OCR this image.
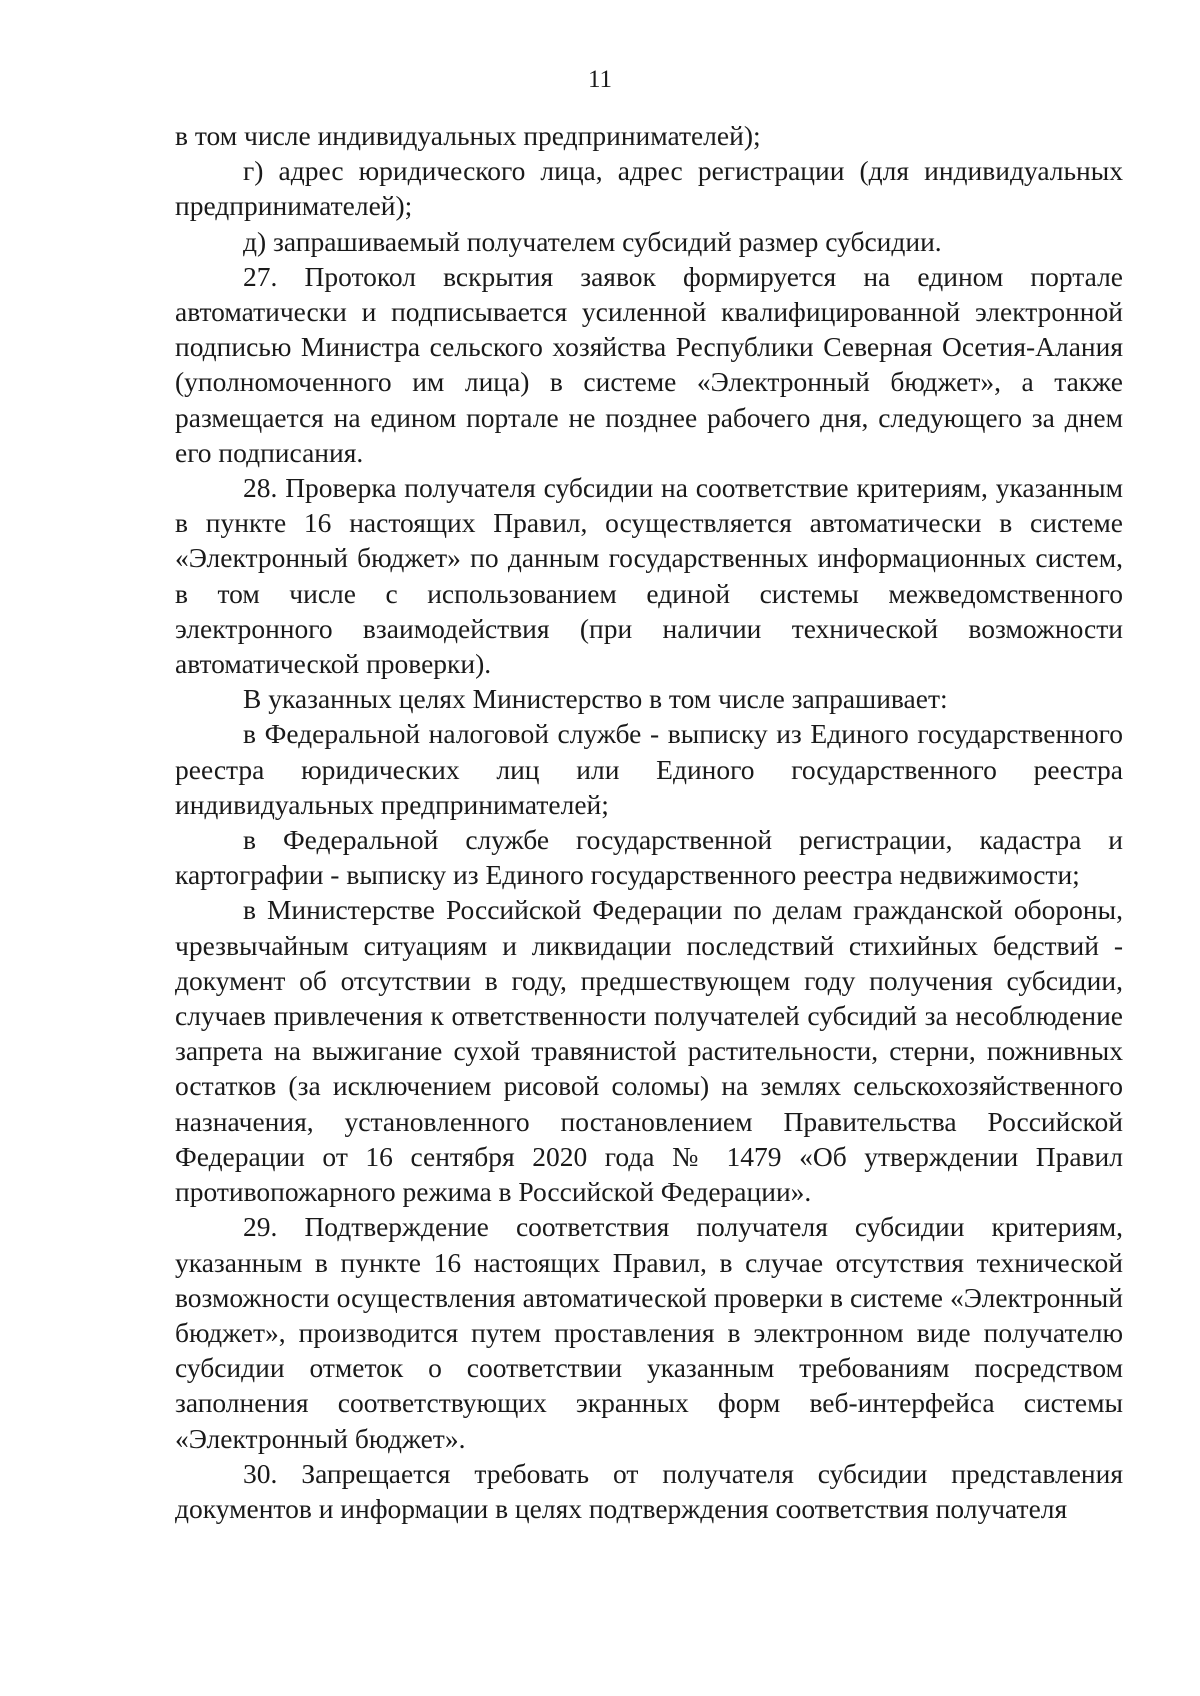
11

в том числе индивидуальных предпринимателей);

г) адрес юридического лица, адрес регистрации (для индивидуальных предпринимателей);

д) запрашиваемый получателем субсидий размер субсидии.

27. Протокол вскрытия заявок формируется на едином портале автоматически и подписывается усиленной квалифицированной электронной подписью Министра сельского хозяйства Республики Северная Осетия-Алания (уполномоченного им лица) в системе «Электронный бюджет», а также размещается на едином портале не позднее рабочего дня, следующего за днем его подписания.

28. Проверка получателя субсидии на соответствие критериям, указанным в пункте 16 настоящих Правил, осуществляется автоматически в системе «Электронный бюджет» по данным государственных информационных систем, в том числе с использованием единой системы межведомственного электронного взаимодействия (при наличии технической возможности автоматической проверки).

В указанных целях Министерство в том числе запрашивает:

в Федеральной налоговой службе - выписку из Единого государственного реестра юридических лиц или Единого государственного реестра индивидуальных предпринимателей;

в Федеральной службе государственной регистрации, кадастра и картографии - выписку из Единого государственного реестра недвижимости;

в Министерстве Российской Федерации по делам гражданской обороны, чрезвычайным ситуациям и ликвидации последствий стихийных бедствий - документ об отсутствии в году, предшествующем году получения субсидии, случаев привлечения к ответственности получателей субсидий за несоблюдение запрета на выжигание сухой травянистой растительности, стерни, пожнивных остатков (за исключением рисовой соломы) на землях сельскохозяйственного назначения, установленного постановлением Правительства Российской Федерации от 16 сентября 2020 года № 1479 «Об утверждении Правил противопожарного режима в Российской Федерации».

29. Подтверждение соответствия получателя субсидии критериям, указанным в пункте 16 настоящих Правил, в случае отсутствия технической возможности осуществления автоматической проверки в системе «Электронный бюджет», производится путем проставления в электронном виде получателю субсидии отметок о соответствии указанным требованиям посредством заполнения соответствующих экранных форм веб-интерфейса системы «Электронный бюджет».

30. Запрещается требовать от получателя субсидии представления документов и информации в целях подтверждения соответствия получателя
